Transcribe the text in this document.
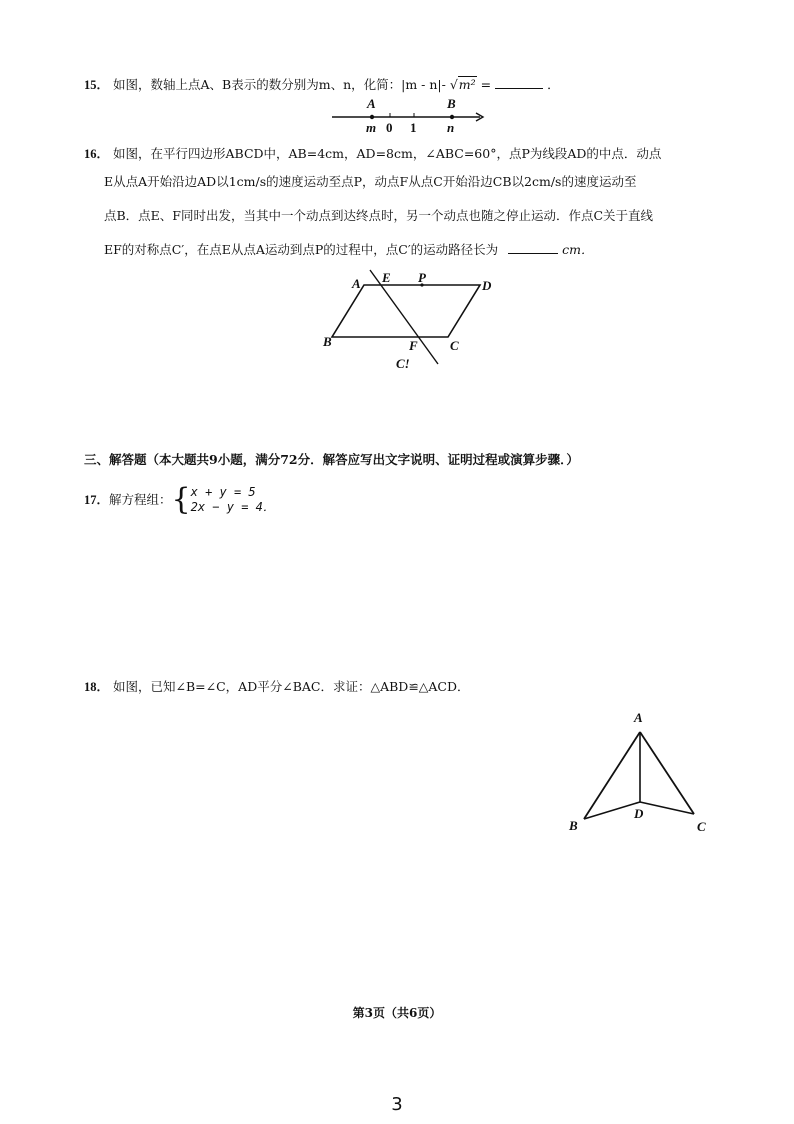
15． 如图，数轴上点A、B表示的数分别为m、n，化简：|m - n|- √m² =	．
A	B
m 0 1 n
16． 如图，在平行四边形ABCD中，AB=4cm，AD=8cm，∠ABC=60°，点P为线段AD的中点．动点
E从点A开始沿边AD以1cm/s的速度运动至点P，动点F从点C开始沿边CB以2cm/s的速度运动至
点B．点E、F同时出发，当其中一个动点到达终点时，另一个动点也随之停止运动．作点C关于直线
EF的对称点C′，在点E从点A运动到点P的过程中，点C′的运动路径长为	cm．
A E P
D
B	F C
C!
三、解答题（本大题共9小题，满分72分．解答应写出文字说明、证明过程或演算步骤．）
17． 解方程组： { x + y = 5
2x − y = 4．
18． 如图，已知∠B=∠C，AD平分∠BAC．求证：△ABD≌△ACD．
A
B
D
C
第3页（共6页）
3
